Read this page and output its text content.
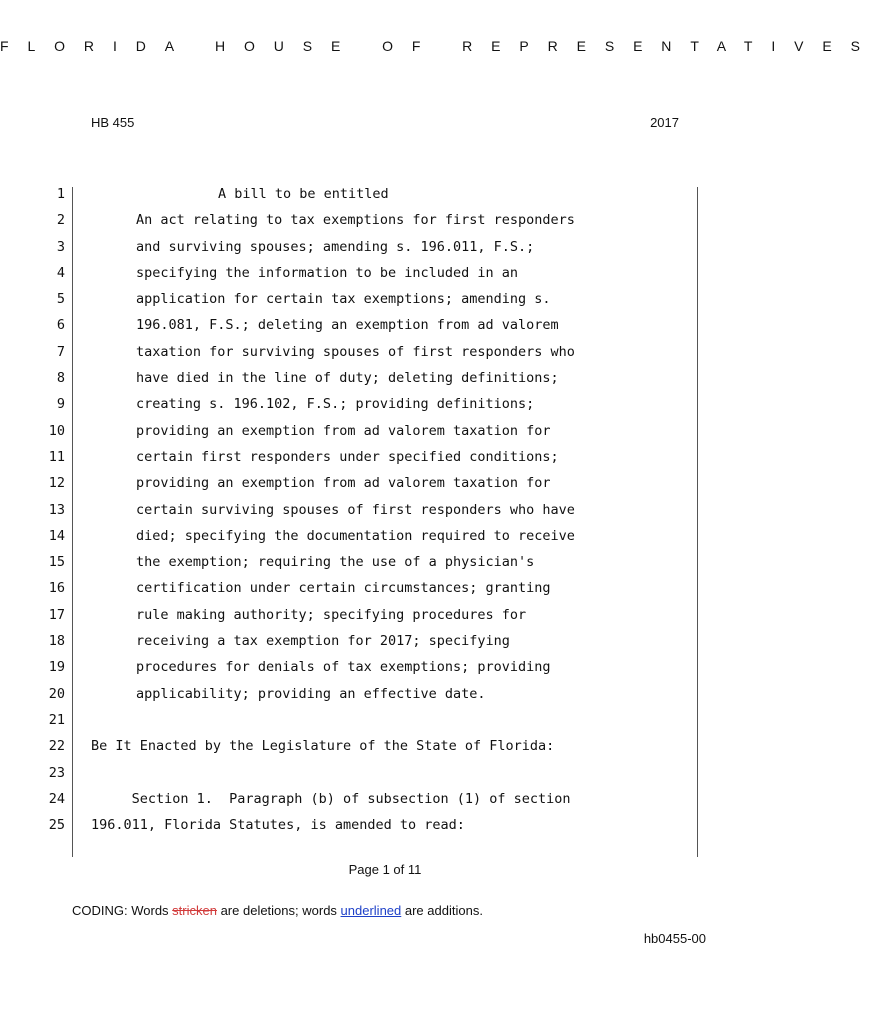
FLORIDA HOUSE OF REPRESENTATIVES
HB 455	2017
1	A bill to be entitled
2	An act relating to tax exemptions for first responders
3	and surviving spouses; amending s. 196.011, F.S.;
4	specifying the information to be included in an
5	application for certain tax exemptions; amending s.
6	196.081, F.S.; deleting an exemption from ad valorem
7	taxation for surviving spouses of first responders who
8	have died in the line of duty; deleting definitions;
9	creating s. 196.102, F.S.; providing definitions;
10	providing an exemption from ad valorem taxation for
11	certain first responders under specified conditions;
12	providing an exemption from ad valorem taxation for
13	certain surviving spouses of first responders who have
14	died; specifying the documentation required to receive
15	the exemption; requiring the use of a physician's
16	certification under certain circumstances; granting
17	rule making authority; specifying procedures for
18	receiving a tax exemption for 2017; specifying
19	procedures for denials of tax exemptions; providing
20	applicability; providing an effective date.
21
22 Be It Enacted by the Legislature of the State of Florida:
23
24 Section 1.  Paragraph (b) of subsection (1) of section
25 196.011, Florida Statutes, is amended to read:
Page 1 of 11
CODING: Words stricken are deletions; words underlined are additions.
hb0455-00
